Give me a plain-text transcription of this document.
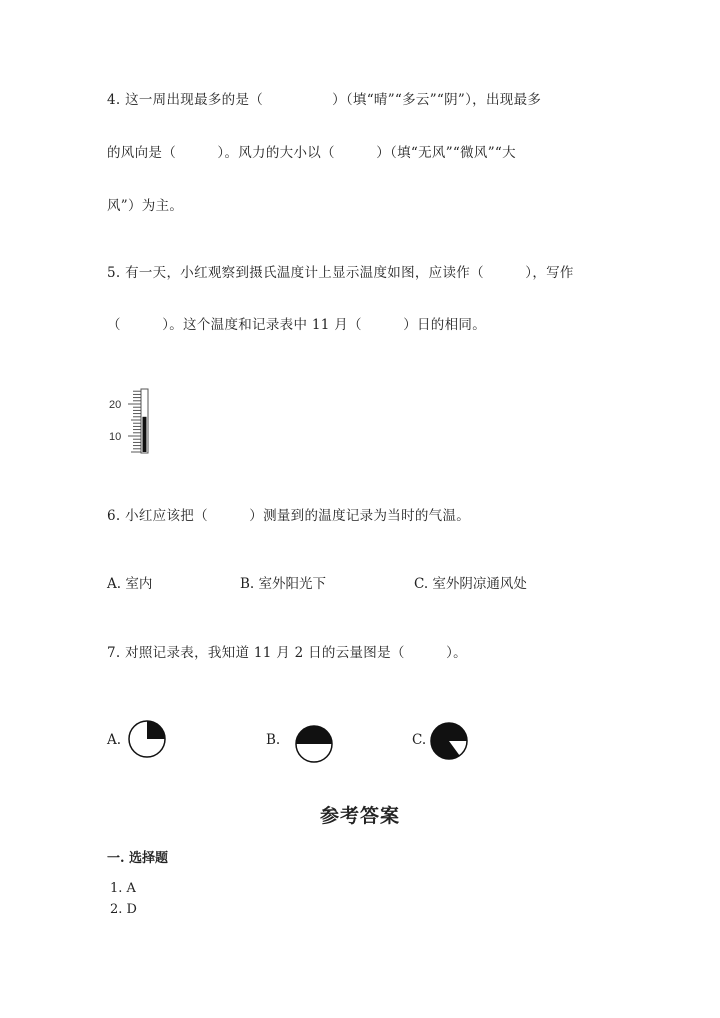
4. 这一周出现最多的是（　　　　　）（填“晴”“多云”“阴”），出现最多
的风向是（　　　）。风力的大小以（　　　）（填“无风”“微风”“大
风”）为主。
5. 有一天，小红观察到摄氏温度计上显示温度如图，应读作（　　　），写作
（　　　）。这个温度和记录表中 11 月（　　　）日的相同。
20
10
6. 小红应该把（　　　）测量到的温度记录为当时的气温。
A. 室内	B. 室外阳光下	C. 室外阴凉通风处
7. 对照记录表，我知道 11 月 2 日的云量图是（　　　）。
A.	B.	C.
参考答案
一. 选择题
1. A
2. D
